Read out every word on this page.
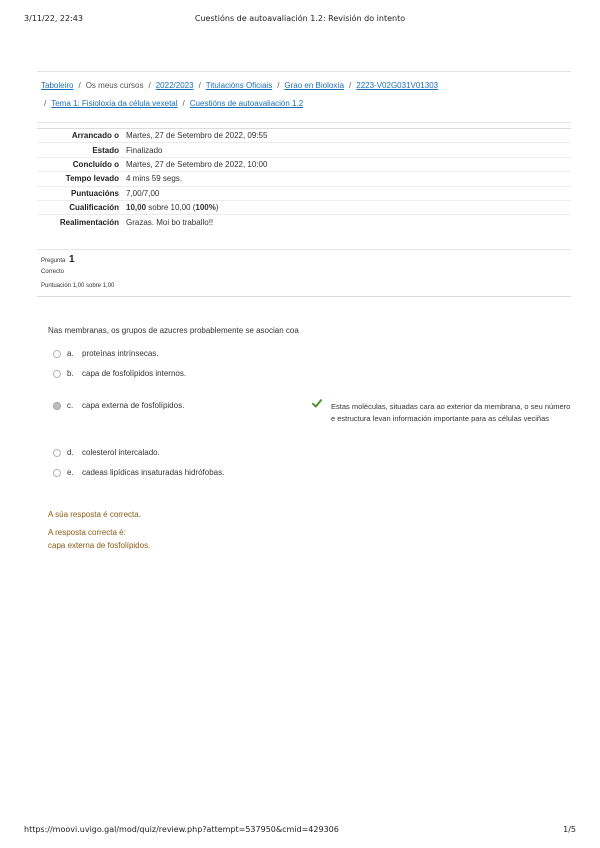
3/11/22, 22:43	Cuestións de autoavaliación 1.2: Revisión do intento
Taboleiro / Os meus cursos / 2022/2023 / Titulacións Oficiais / Grao en Bioloxía / 2223-V02G031V01303
/ Tema 1: Fisioloxía da célula vexetal / Cuestións de autoavaliación 1.2
Arrancado o	Martes, 27 de Setembro de 2022, 09:55
Estado	Finalizado
Concluído o	Martes, 27 de Setembro de 2022, 10:00
Tempo levado	4 mins 59 segs.
Puntuacións	7,00/7,00
Cualificación	10,00 sobre 10,00 (100%)
Realimentación	Grazas. Moi bo traballo!!
Pregunta 1
Correcto
Puntuación 1,00 sobre 1,00
Nas membranas, os grupos de azucres probablemente se asocian coa
a. proteínas intrínsecas.
b. capa de fosfolípidos internos.
c. capa externa de fosfolípidos.
d. colesterol intercalado.
e. cadeas lipídicas insaturadas hidrófobas.
Estas moléculas, situadas cara ao exterior da membrana, o seu número e estructura levan información importante para as células veciñas
A súa resposta é correcta.
A resposta correcta é:
capa externa de fosfolípidos.
https://moovi.uvigo.gal/mod/quiz/review.php?attempt=537950&cmid=429306	1/5
